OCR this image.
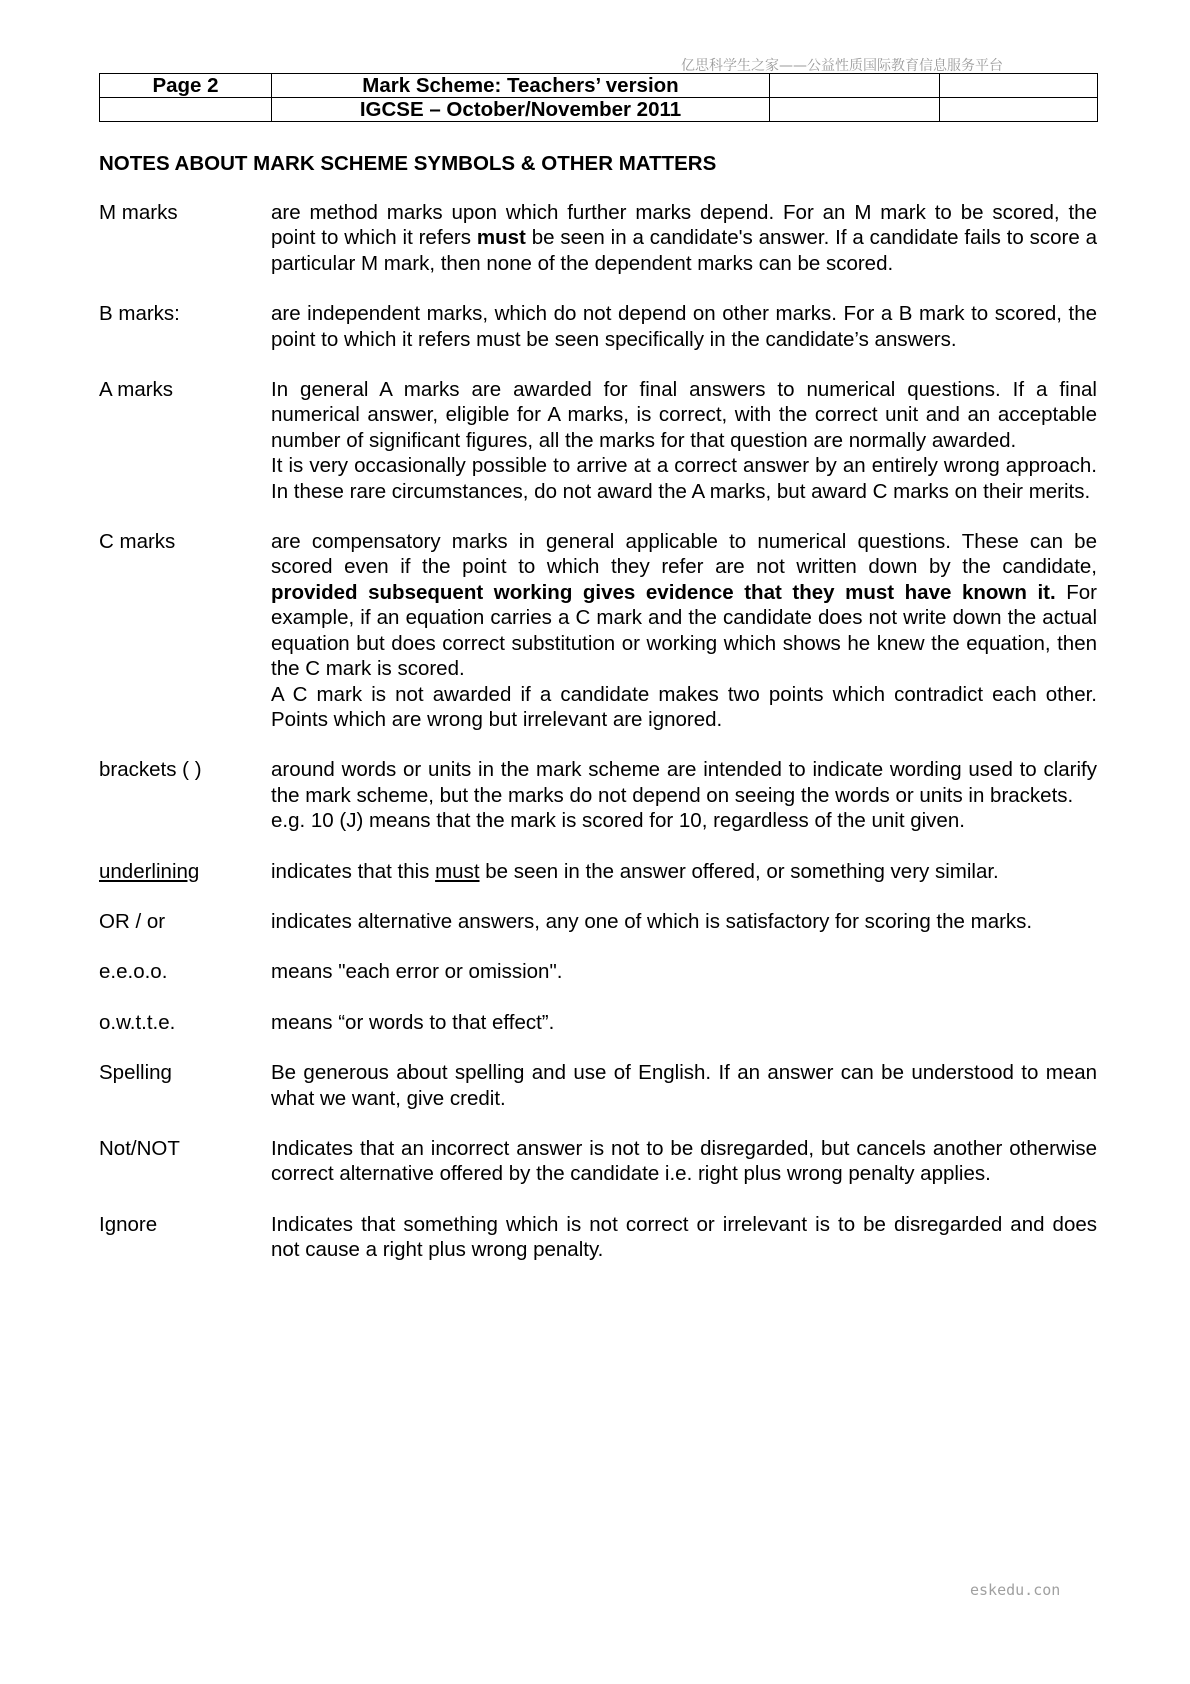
亿思科学生之家——公益性质国际教育信息服务平台
Page 2	Mark Scheme: Teachers’ version		
	IGCSE – October/November 2011		
NOTES ABOUT MARK SCHEME SYMBOLS & OTHER MATTERS
M marks	are method marks upon which further marks depend. For an M mark to be scored, the point to which it refers must be seen in a candidate's answer. If a candidate fails to score a particular M mark, then none of the dependent marks can be scored.

B marks:	are independent marks, which do not depend on other marks. For a B mark to scored, the point to which it refers must be seen specifically in the candidate’s answers.

A marks	In general A marks are awarded for final answers to numerical questions. If a final numerical answer, eligible for A marks, is correct, with the correct unit and an acceptable number of significant figures, all the marks for that question are normally awarded.

It is very occasionally possible to arrive at a correct answer by an entirely wrong approach. In these rare circumstances, do not award the A marks, but award C marks on their merits.

C marks	are compensatory marks in general applicable to numerical questions. These can be scored even if the point to which they refer are not written down by the candidate, provided subsequent working gives evidence that they must have known it. For example, if an equation carries a C mark and the candidate does not write down the actual equation but does correct substitution or working which shows he knew the equation, then the C mark is scored.

A C mark is not awarded if a candidate makes two points which contradict each other. Points which are wrong but irrelevant are ignored.

brackets ( )	around words or units in the mark scheme are intended to indicate wording used to clarify the mark scheme, but the marks do not depend on seeing the words or units in brackets.

e.g. 10 (J) means that the mark is scored for 10, regardless of the unit given.

underlining	indicates that this must be seen in the answer offered, or something very similar.

OR / or	indicates alternative answers, any one of which is satisfactory for scoring the marks.

e.e.o.o.	means "each error or omission".

o.w.t.t.e.	means “or words to that effect”.

Spelling	Be generous about spelling and use of English. If an answer can be understood to mean what we want, give credit.

Not/NOT	Indicates that an incorrect answer is not to be disregarded, but cancels another otherwise correct alternative offered by the candidate i.e. right plus wrong penalty applies.

Ignore	Indicates that something which is not correct or irrelevant is to be disregarded and does not cause a right plus wrong penalty.

eskedu.con
